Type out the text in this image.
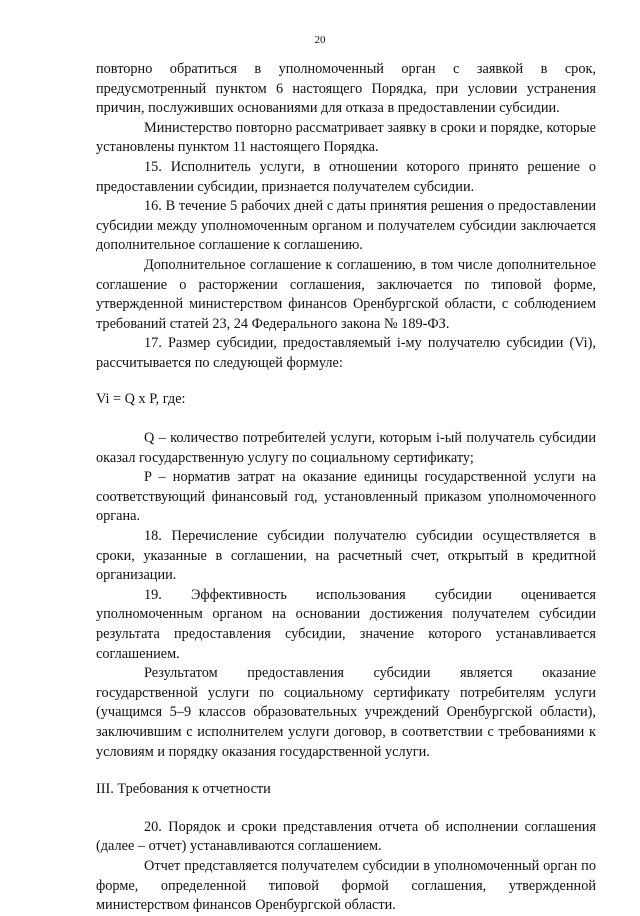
20

повторно обратиться в уполномоченный орган с заявкой в срок, предусмотренный пунктом 6 настоящего Порядка, при условии устранения причин, послуживших основаниями для отказа в предоставлении субсидии.

Министерство повторно рассматривает заявку в сроки и порядке, которые установлены пунктом 11 настоящего Порядка.

15. Исполнитель услуги, в отношении которого принято решение о предоставлении субсидии, признается получателем субсидии.

16. В течение 5 рабочих дней с даты принятия решения о предоставлении субсидии между уполномоченным органом и получателем субсидии заключается дополнительное соглашение к соглашению.

Дополнительное соглашение к соглашению, в том числе дополнительное соглашение о расторжении соглашения, заключается по типовой форме, утвержденной министерством финансов Оренбургской области, с соблюдением требований статей 23, 24 Федерального закона № 189-ФЗ.

17. Размер субсидии, предоставляемый i-му получателю субсидии (Vi), рассчитывается по следующей формуле:

Vi = Q x P, где:

Q – количество потребителей услуги, которым i-ый получатель субсидии оказал государственную услугу по социальному сертификату;

P – норматив затрат на оказание единицы государственной услуги на соответствующий финансовый год, установленный приказом уполномоченного органа.

18. Перечисление субсидии получателю субсидии осуществляется в сроки, указанные в соглашении, на расчетный счет, открытый в кредитной организации.

19. Эффективность использования субсидии оценивается уполномоченным органом на основании достижения получателем субсидии результата предоставления субсидии, значение которого устанавливается соглашением.

Результатом предоставления субсидии является оказание государственной услуги по социальному сертификату потребителям услуги (учащимся 5–9 классов образовательных учреждений Оренбургской области), заключившим с исполнителем услуги договор, в соответствии с требованиями к условиям и порядку оказания государственной услуги.

III. Требования к отчетности

20. Порядок и сроки представления отчета об исполнении соглашения (далее – отчет) устанавливаются соглашением.

Отчет представляется получателем субсидии в уполномоченный орган по форме, определенной типовой формой соглашения, утвержденной министерством финансов Оренбургской области.
